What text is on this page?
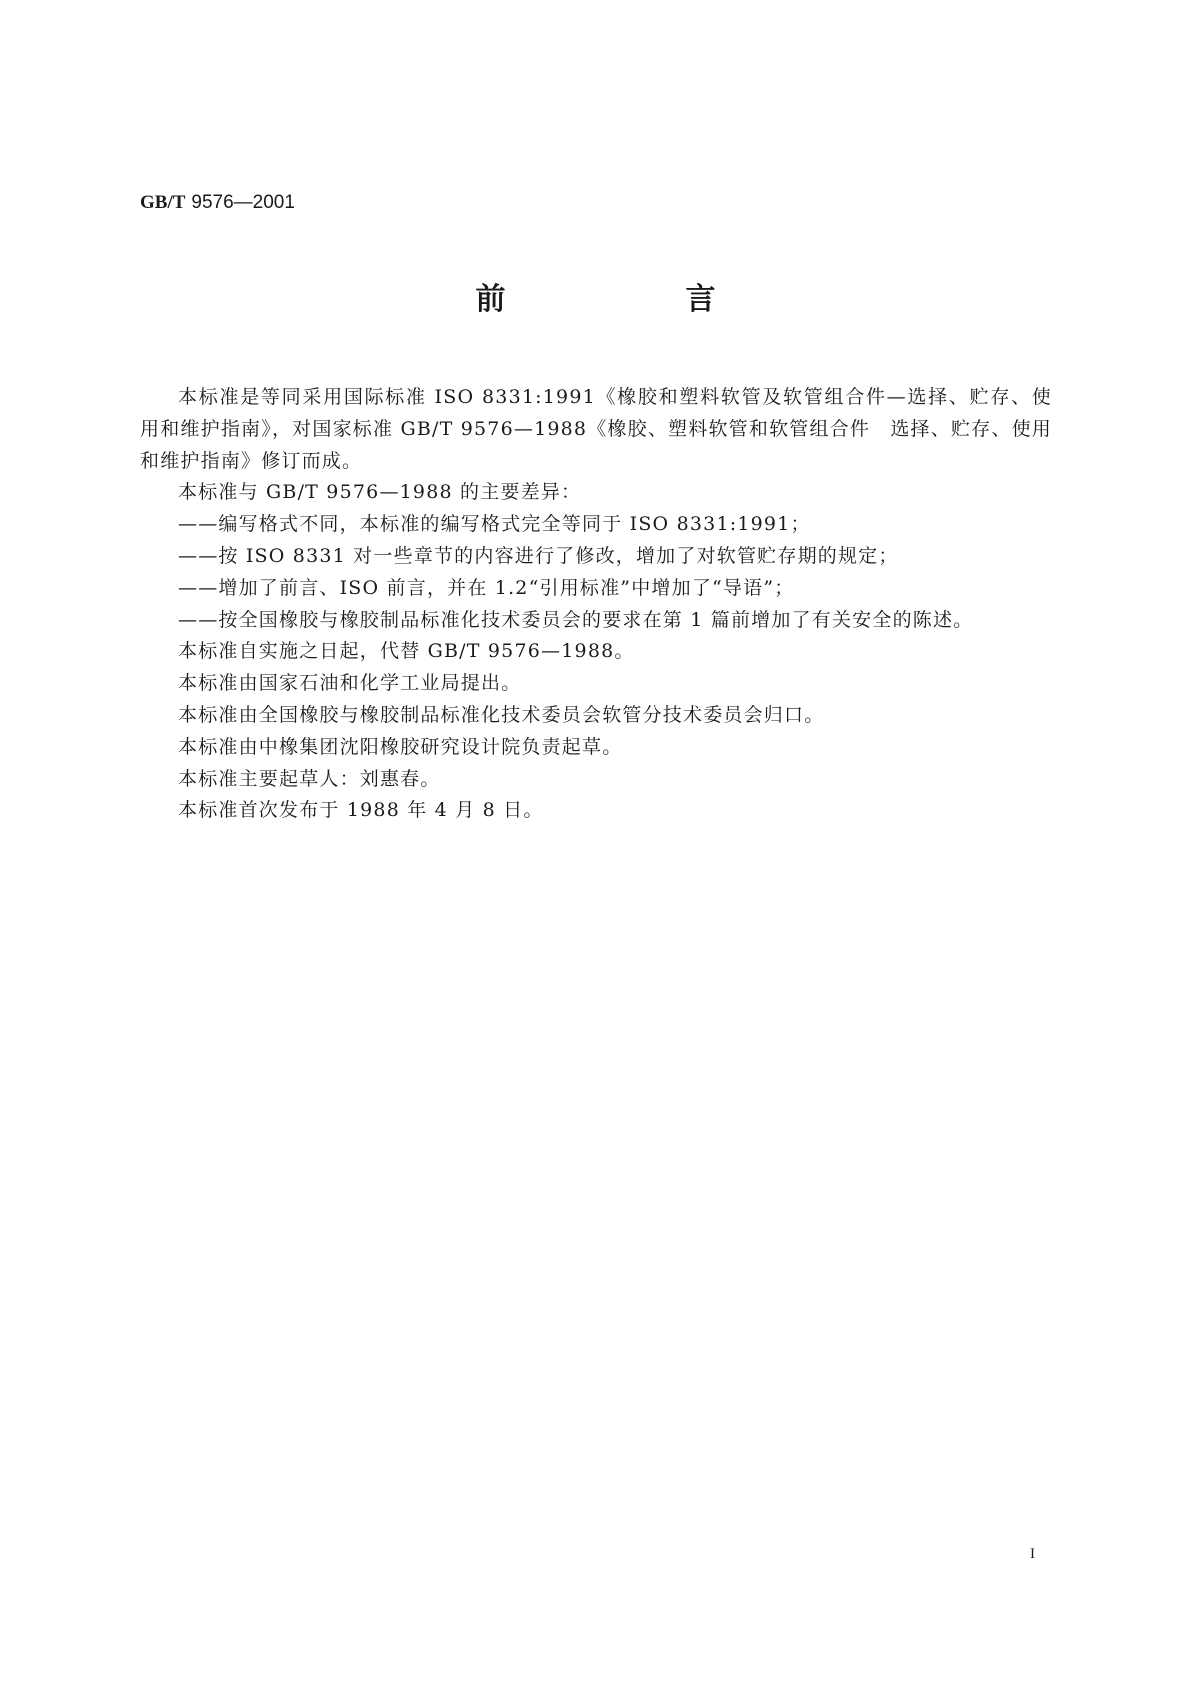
GB/T 9576—2001
前　言

本标准是等同采用国际标准 ISO 8331:1991《橡胶和塑料软管及软管组合件—选择、贮存、使用和维护指南》，对国家标准 GB/T 9576—1988《橡胶、塑料软管和软管组合件　选择、贮存、使用和维护指南》修订而成。

本标准与 GB/T 9576—1988 的主要差异：

——编写格式不同，本标准的编写格式完全等同于 ISO 8331:1991；

——按 ISO 8331 对一些章节的内容进行了修改，增加了对软管贮存期的规定；

——增加了前言、ISO 前言，并在 1.2“引用标准”中增加了“导语”；

——按全国橡胶与橡胶制品标准化技术委员会的要求在第 1 篇前增加了有关安全的陈述。

本标准自实施之日起，代替 GB/T 9576—1988。

本标准由国家石油和化学工业局提出。

本标准由全国橡胶与橡胶制品标准化技术委员会软管分技术委员会归口。

本标准由中橡集团沈阳橡胶研究设计院负责起草。

本标准主要起草人：刘惠春。

本标准首次发布于 1988 年 4 月 8 日。

I
